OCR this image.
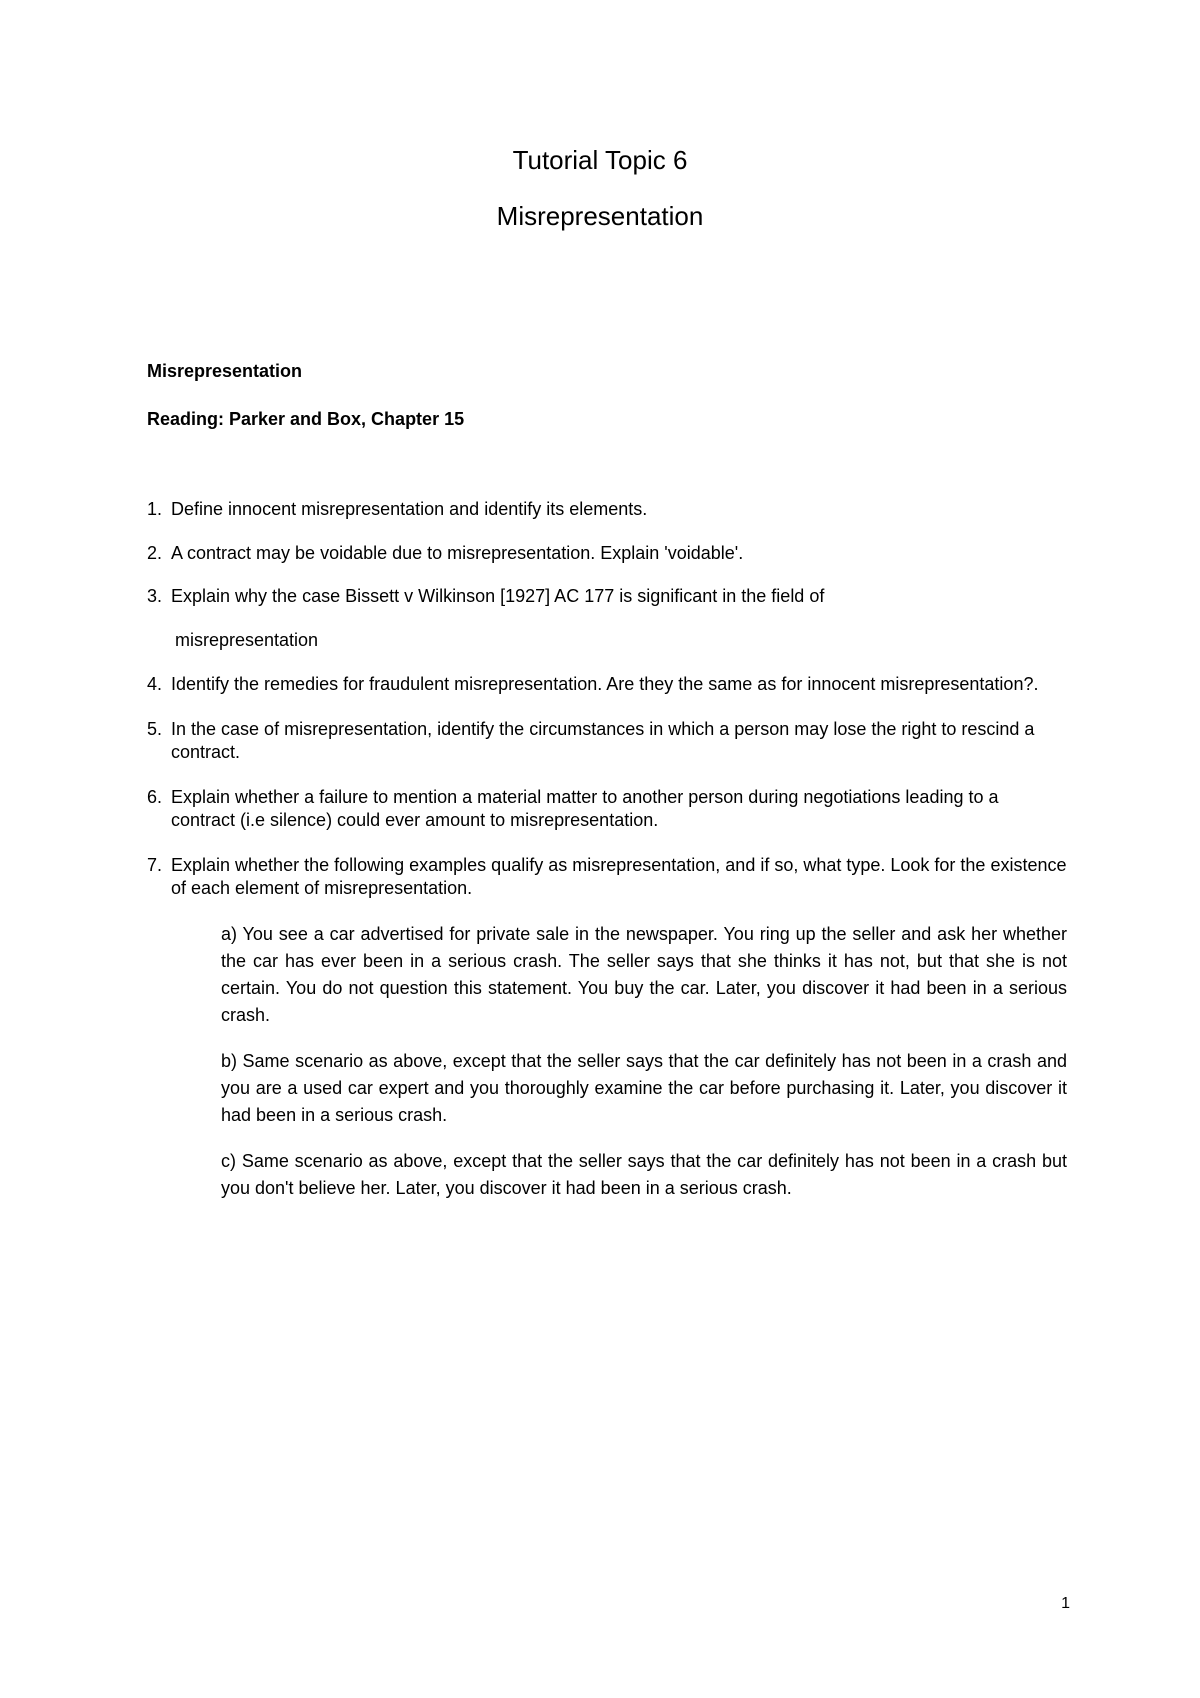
Tutorial Topic 6
Misrepresentation
Misrepresentation
Reading: Parker and Box, Chapter 15
1. Define innocent misrepresentation and identify its elements.
2. A contract may be voidable due to misrepresentation. Explain 'voidable'.
3. Explain why the case Bissett v Wilkinson [1927] AC 177 is significant in the field of
misrepresentation
4. Identify the remedies for fraudulent misrepresentation. Are they the same as for innocent misrepresentation?.
5. In the case of misrepresentation, identify the circumstances in which a person may lose the right to rescind a contract.
6. Explain whether a failure to mention a material matter to another person during negotiations leading to a contract (i.e silence) could ever amount to misrepresentation.
7. Explain whether the following examples qualify as misrepresentation, and if so, what type. Look for the existence of each element of misrepresentation.

a) You see a car advertised for private sale in the newspaper. You ring up the seller and ask her whether the car has ever been in a serious crash. The seller says that she thinks it has not, but that she is not certain. You do not question this statement. You buy the car. Later, you discover it had been in a serious crash.

b) Same scenario as above, except that the seller says that the car definitely has not been in a crash and you are a used car expert and you thoroughly examine the car before purchasing it. Later, you discover it had been in a serious crash.

c) Same scenario as above, except that the seller says that the car definitely has not been in a crash but you don't believe her. Later, you discover it had been in a serious crash.

1
